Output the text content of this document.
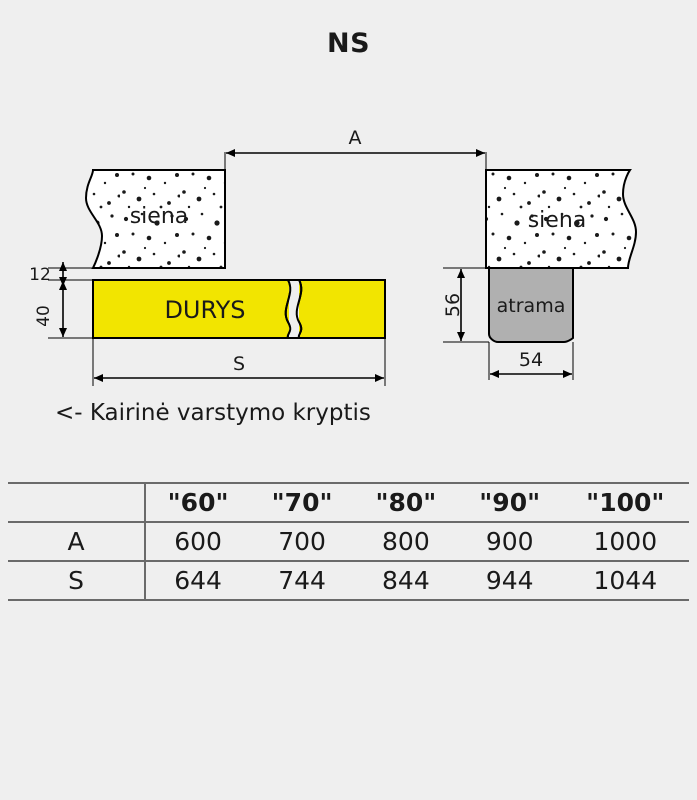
NS
siena
DURYS
siena
atrama
A
S
12
40	56
54
<- Kairinė varstymo kryptis
	"60"	"70"	"80"	"90"	"100"
A	600	700	800	900	1000
S	644	744	844	944	1044
